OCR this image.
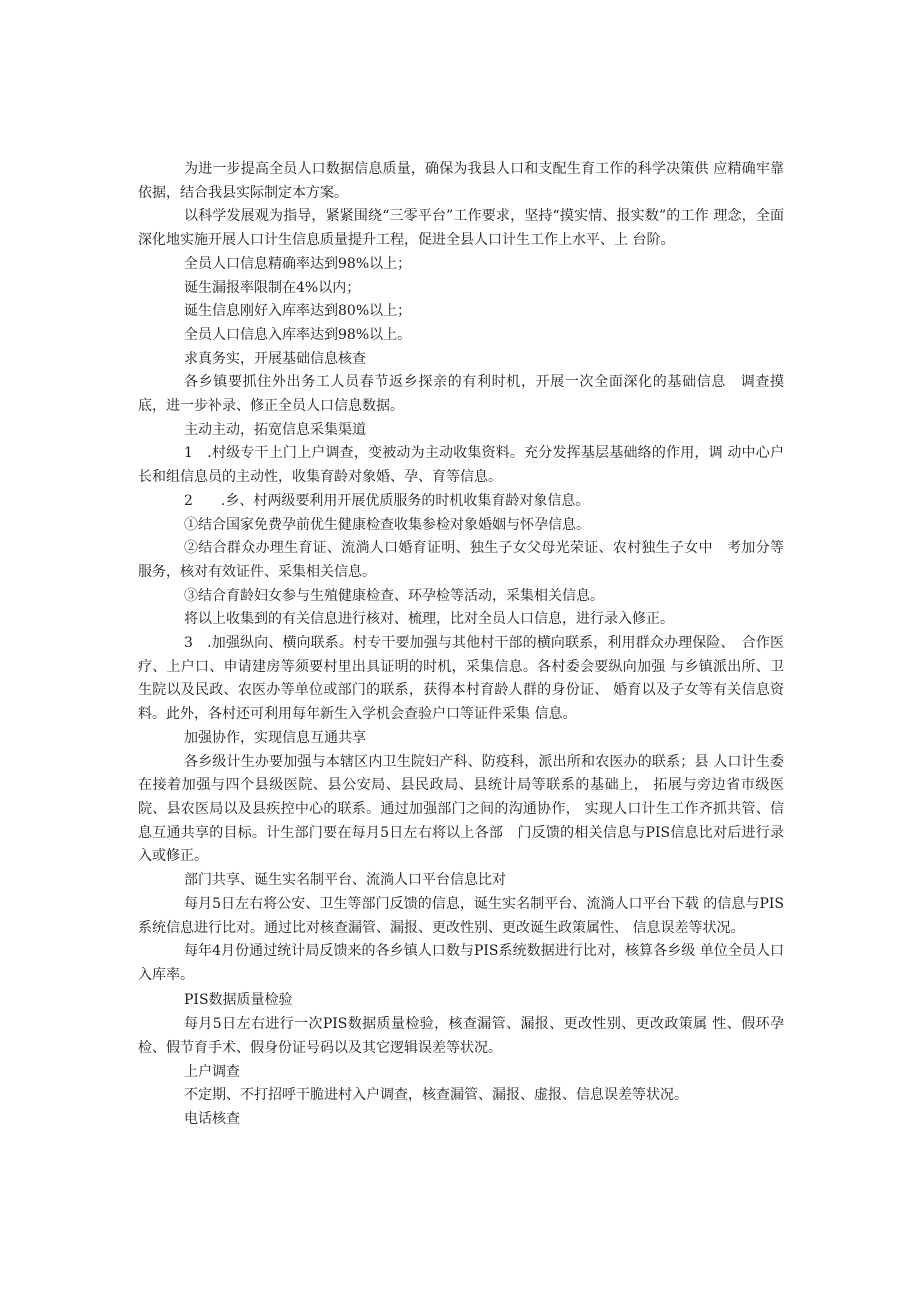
为进一步提高全员人口数据信息质量，确保为我县人口和支配生育工作的科学决策供 应精确牢靠依据，结合我县实际制定本方案。

以科学发展观为指导，紧紧围绕“三零平台”工作要求，坚持“摸实情、报实数”的工作 理念，全面深化地实施开展人口计生信息质量提升工程，促进全县人口计生工作上水平、上 台阶。

全员人口信息精确率达到98%以上；

诞生漏报率限制在4%以内；

诞生信息刚好入库率达到80%以上；

全员人口信息入库率达到98%以上。

求真务实，开展基础信息核查

各乡镇要抓住外出务工人员春节返乡探亲的有利时机，开展一次全面深化的基础信息　调查摸底，进一步补录、修正全员人口信息数据。

主动主动，拓宽信息采集渠道

1　.村级专干上门上户调查，变被动为主动收集资料。充分发挥基层基础络的作用，调 动中心户长和组信息员的主动性，收集育龄对象婚、孕、育等信息。

2　　.乡、村两级要利用开展优质服务的时机收集育龄对象信息。

①结合国家免费孕前优生健康检查收集参检对象婚姻与怀孕信息。

②结合群众办理生育证、流淌人口婚育证明、独生子女父母光荣证、农村独生子女中　考加分等服务，核对有效证件、采集相关信息。

③结合育龄妇女参与生殖健康检查、环孕检等活动，采集相关信息。

将以上收集到的有关信息进行核对、梳理，比对全员人口信息，进行录入修正。

3　.加强纵向、横向联系。村专干要加强与其他村干部的横向联系，利用群众办理保险、　合作医疗、上户口、申请建房等须要村里出具证明的时机，采集信息。各村委会要纵向加强 与乡镇派出所、卫生院以及民政、农医办等单位或部门的联系，获得本村育龄人群的身份证、 婚育以及子女等有关信息资料。此外，各村还可利用每年新生入学机会查验户口等证件采集 信息。

加强协作，实现信息互通共享

各乡级计生办要加强与本辖区内卫生院妇产科、防疫科，派出所和农医办的联系；县 人口计生委在接着加强与四个县级医院、县公安局、县民政局、县统计局等联系的基础上， 拓展与旁边省市级医院、县农医局以及县疾控中心的联系。通过加强部门之间的沟通协作， 实现人口计生工作齐抓共管、信息互通共享的目标。计生部门要在每月5日左右将以上各部　门反馈的相关信息与PIS信息比对后进行录入或修正。

部门共享、诞生实名制平台、流淌人口平台信息比对

每月5日左右将公安、卫生等部门反馈的信息，诞生实名制平台、流淌人口平台下载 的信息与PIS系统信息进行比对。通过比对核查漏管、漏报、更改性别、更改诞生政策属性、 信息误差等状况。

每年4月份通过统计局反馈来的各乡镇人口数与PIS系统数据进行比对，核算各乡级 单位全员人口入库率。

PIS数据质量检验

每月5日左右进行一次PIS数据质量检验，核查漏管、漏报、更改性别、更改政策属 性、假环孕检、假节育手术、假身份证号码以及其它逻辑误差等状况。

上户调查

不定期、不打招呼干脆进村入户调查，核查漏管、漏报、虚报、信息误差等状况。

电话核查
